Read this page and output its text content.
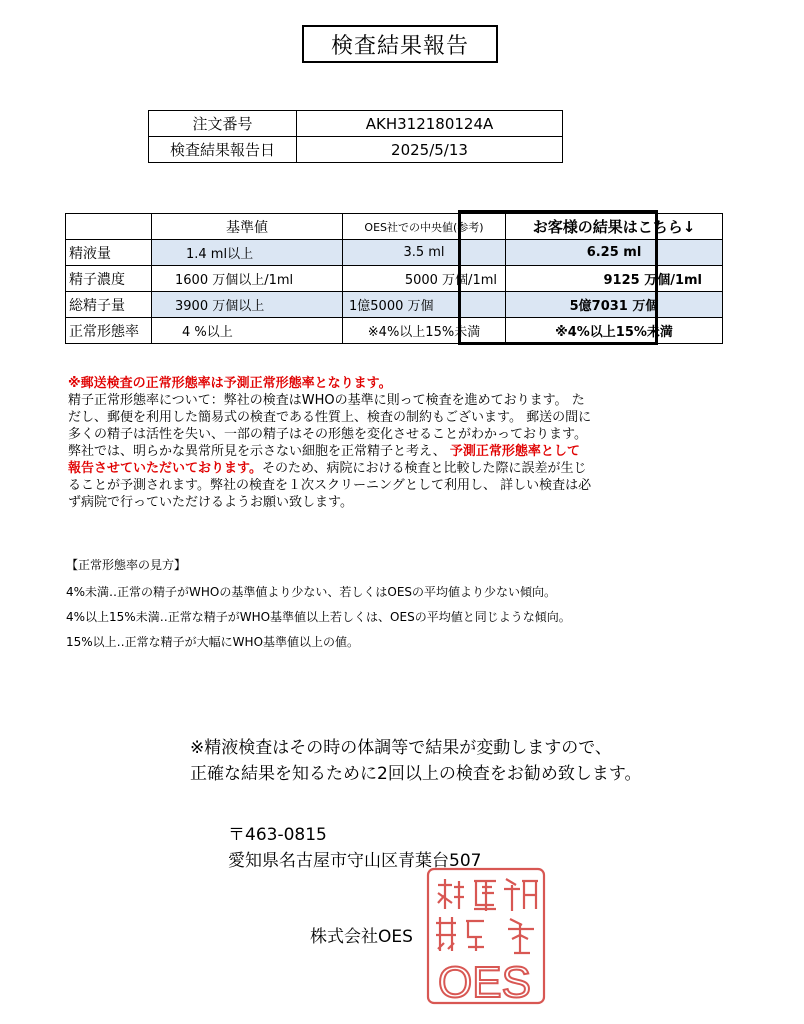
検査結果報告
注文番号	AKH312180124A
検査結果報告日	2025/5/13
	基準値	OES社での中央値(参考)	お客様の結果はこちら↓
精液量	1.4 ml以上	3.5 ml	6.25 ml
精子濃度	1600 万個以上/1ml	5000 万個/1ml	9125 万個/1ml
総精子量	3900 万個以上	1億5000 万個	5億7031 万個
正常形態率	4 %以上	※4%以上15%未満	※4%以上15%未満
※郵送検査の正常形態率は予測正常形態率となります。
精子正常形態率について：弊社の検査はWHOの基準に則って検査を進めております。 た
だし、郵便を利用した簡易式の検査である性質上、検査の制約もございます。 郵送の間に
多くの精子は活性を失い、一部の精子はその形態を変化させることがわかっております。
弊社では、明らかな異常所見を示さない細胞を正常精子と考え、 予測正常形態率として
報告させていただいております。そのため、病院における検査と比較した際に誤差が生じ
ることが予測されます。弊社の検査を１次スクリーニングとして利用し、 詳しい検査は必
ず病院で行っていただけるようお願い致します。
【正常形態率の見方】
4%未満‥正常の精子がWHOの基準値より少ない、若しくはOESの平均値より少ない傾向。
4%以上15%未満‥正常な精子がWHO基準値以上若しくは、OESの平均値と同じような傾向。
15%以上‥正常な精子が大幅にWHO基準値以上の値。
※精液検査はその時の体調等で結果が変動しますので、
正確な結果を知るために2回以上の検査をお勧め致します。
〒463-0815
愛知県名古屋市守山区青葉台507
株式会社OES
OES
